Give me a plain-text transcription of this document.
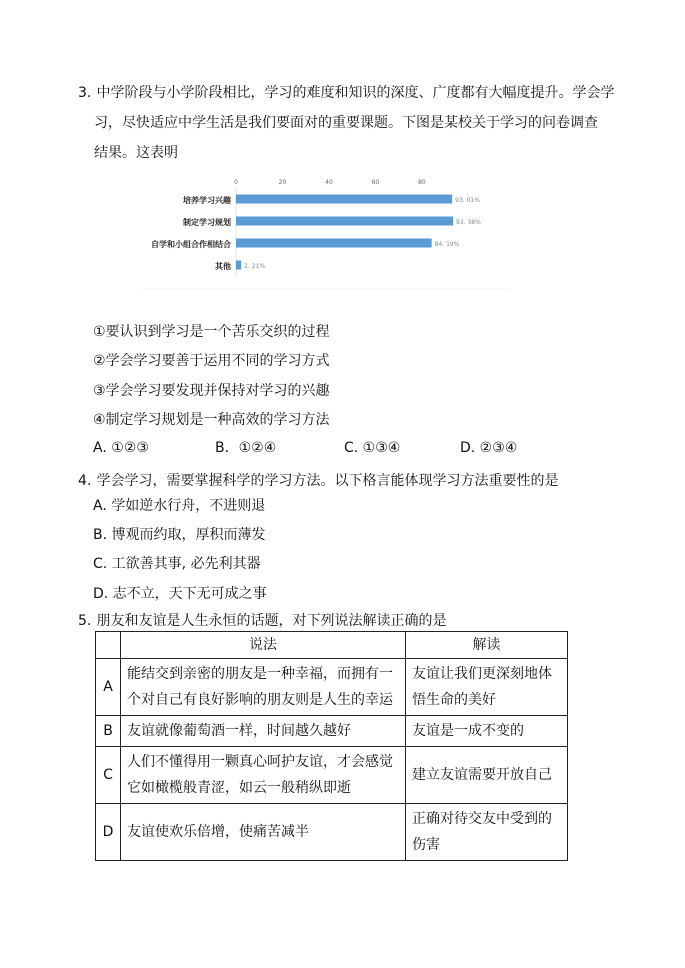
3. 中学阶段与小学阶段相比，学习的难度和知识的深度、广度都有大幅度提升。学会学
习，尽快适应中学生活是我们要面对的重要课题。下图是某校关于学习的问卷调查
结果。这表明
0	20	40	60	80
培养学习兴趣	93. 01%
制定学习规划	93. 38%
自学和小组合作相结合	84. 19%
其他 2. 21%
①要认识到学习是一个苦乐交织的过程
②学会学习要善于运用不同的学习方式
③学会学习要发现并保持对学习的兴趣
④制定学习规划是一种高效的学习方法
A. ①②③	B．①②④	C. ①③④	D. ②③④
4. 学会学习，需要掌握科学的学习方法。以下格言能体现学习方法重要性的是
A. 学如逆水行舟，不进则退
B. 博观而约取，厚积而薄发
C. 工欲善其事, 必先利其器
D. 志不立，天下无可成之事
5. 朋友和友谊是人生永恒的话题，对下列说法解读正确的是
	说法	解读
A	能结交到亲密的朋友是一种幸福，而拥有一个对自己有良好影响的朋友则是人生的幸运	友谊让我们更深刻地体悟生命的美好
B	友谊就像葡萄酒一样，时间越久越好	友谊是一成不变的
C	人们不懂得用一颗真心呵护友谊，才会感觉它如橄榄般青涩，如云一般稍纵即逝	建立友谊需要开放自己
D	友谊使欢乐倍增，使痛苦减半	正确对待交友中受到的伤害
